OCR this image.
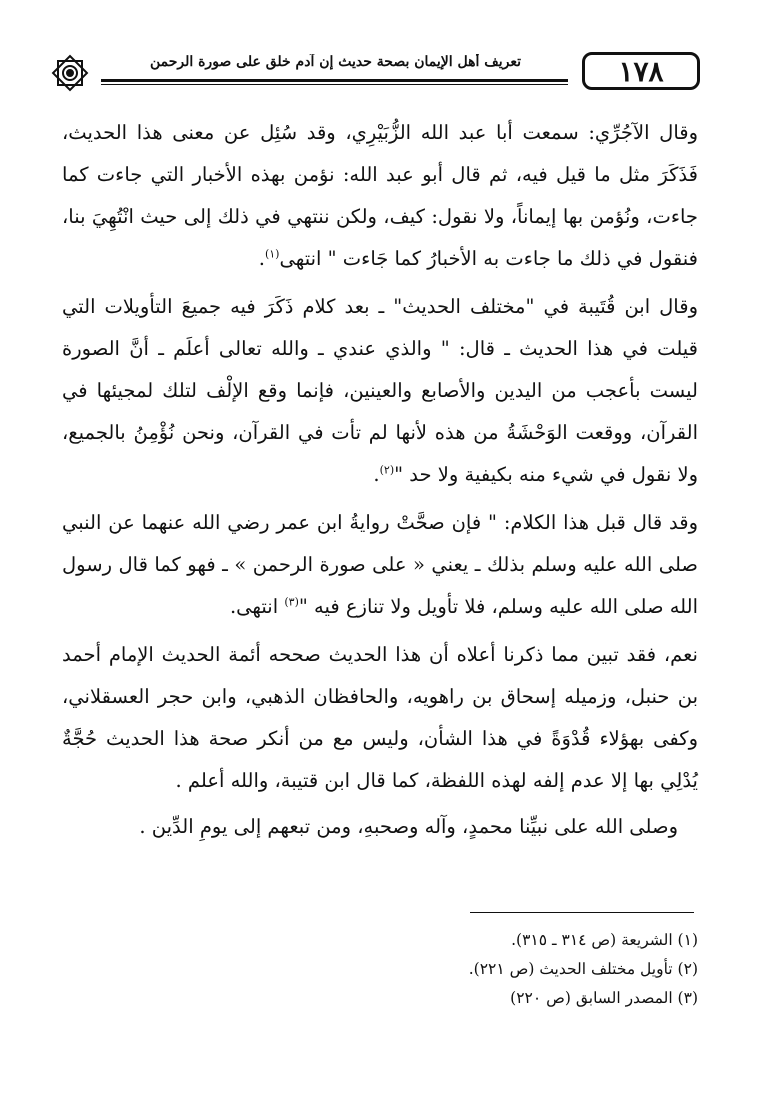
تعريف أهل الإيمان بصحة حديث إن آدم خلق على صورة الرحمن	١٧٨

وقال الآجُرِّي: سمعت أبا عبد الله الزُّبَيْرِي، وقد سُئِل عن معنى هذا الحديث، فَذَكَرَ مثل ما قيل فيه، ثم قال أبو عبد الله: نؤمن بهذه الأخبار التي جاءت كما جاءت، ونُؤمن بها إيماناً، ولا نقول: كيف، ولكن ننتهي في ذلك إلى حيث انْتُهِيَ بنا، فنقول في ذلك ما جاءت به الأخبارُ كما جَاءت " انتهى$^{(١)}$.

وقال ابن قُتَيبة في "مختلف الحديث" ـ بعد كلام ذَكَرَ فيه جميعَ التأويلات التي قيلت في هذا الحديث ـ قال: " والذي عندي ـ والله تعالى أعلَم ـ أنَّ الصورة ليست بأعجب من اليدين والأصابع والعينين، فإنما وقع الإلْف لتلك لمجيئها في القرآن، ووقعت الوَحْشَةُ من هذه لأنها لم تأت في القرآن، ونحن نُؤْمِنُ بالجميع، ولا نقول في شيء منه بكيفية ولا حد "$^{(٢)}$.

وقد قال قبل هذا الكلام: " فإن صحَّتْ روايةُ ابن عمر رضي الله عنهما عن النبي صلى الله عليه وسلم بذلك ـ يعني « على صورة الرحمن » ـ فهو كما قال رسول الله صلى الله عليه وسلم، فلا تأويل ولا تنازع فيه "$^{(٣)}$ انتهى.

نعم، فقد تبين مما ذكرنا أعلاه أن هذا الحديث صححه أئمة الحديث الإمام أحمد بن حنبل، وزميله إسحاق بن راهويه، والحافظان الذهبي، وابن حجر العسقلاني، وكفى بهؤلاء قُدْوَةً في هذا الشأن، وليس مع من أنكر صحة هذا الحديث حُجَّةٌ يُدْلِي بها إلا عدم إلفه لهذه اللفظة، كما قال ابن قتيبة، والله أعلم .

وصلى الله على نبيِّنا محمدٍ، وآله وصحبهِ، ومن تبعهم إلى يومِ الدِّين .

(١) الشريعة (ص ٣١٤ ـ ٣١٥).

(٢) تأويل مختلف الحديث (ص ٢٢١).

(٣) المصدر السابق (ص ٢٢٠)
